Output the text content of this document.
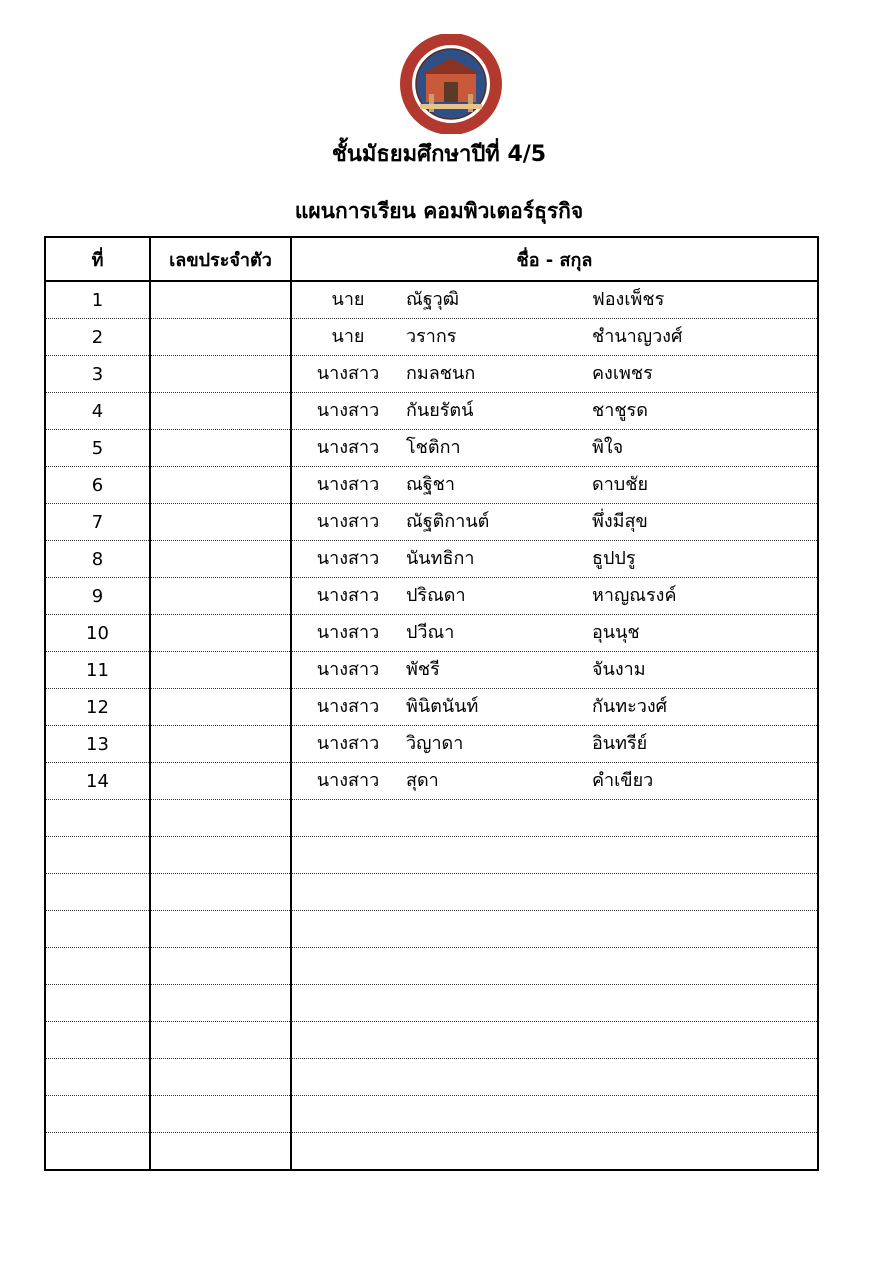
ชั้นมัธยมศึกษาปีที่ 4/5
แผนการเรียน คอมพิวเตอร์ธุรกิจ
ที่	เลขประจำตัว	ชื่อ - สกุล
1		นาย ณัฐวุฒิ ฟองเพ็ชร

2		นาย วรากร ชำนาญวงศ์

3		นางสาว กมลชนก คงเพชร

4		นางสาว กันยรัตน์ ชาชูรด

5		นางสาว โชติกา พิใจ

6		นางสาว ณฐิชา ดาบชัย

7		นางสาว ณัฐติกานต์ พึ่งมีสุข

8		นางสาว นันทธิกา ธูปปรู

9		นางสาว ปริณดา หาญณรงค์

10		นางสาว ปวีณา อุนนุช

11		นางสาว พัชรี จันงาม

12		นางสาว พินิตนันท์ กันทะวงศ์

13		นางสาว วิญาดา อินทรีย์

14		นางสาว สุดา คำเขียว
